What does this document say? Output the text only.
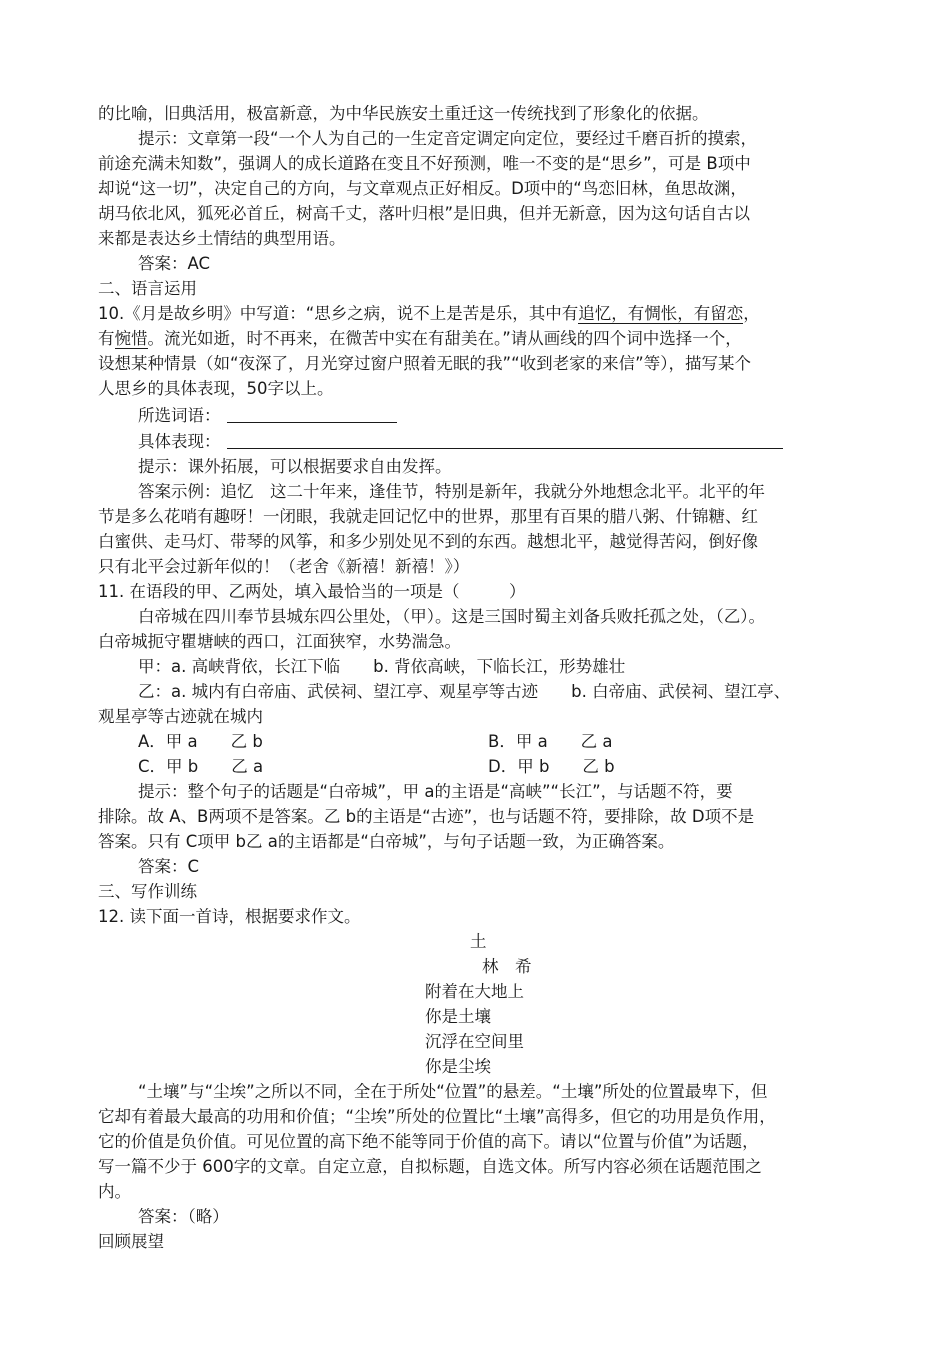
的比喻，旧典活用，极富新意，为中华民族安土重迁这一传统找到了形象化的依据。
提示：文章第一段“一个人为自己的一生定音定调定向定位，要经过千磨百折的摸索，
前途充满未知数”，强调人的成长道路在变且不好预测，唯一不变的是“思乡”，可是 B项中
却说“这一切”，决定自己的方向，与文章观点正好相反。D项中的“鸟恋旧林，鱼思故渊，
胡马依北风，狐死必首丘，树高千丈，落叶归根”是旧典，但并无新意，因为这句话自古以
来都是表达乡土情结的典型用语。
答案：AC
二、语言运用
10.《月是故乡明》中写道：“思乡之病，说不上是苦是乐，其中有追忆，有惆怅，有留恋，
有惋惜。流光如逝，时不再来，在微苦中实在有甜美在。”请从画线的四个词中选择一个，
设想某种情景（如“夜深了，月光穿过窗户照着无眠的我”“收到老家的来信”等），描写某个
人思乡的具体表现，50字以上。
所选词语：
具体表现：
提示：课外拓展，可以根据要求自由发挥。
答案示例：追忆　这二十年来，逢佳节，特别是新年，我就分外地想念北平。北平的年
节是多么花哨有趣呀！一闭眼，我就走回记忆中的世界，那里有百果的腊八粥、什锦糖、红
白蜜供、走马灯、带琴的风筝，和多少别处见不到的东西。越想北平，越觉得苦闷，倒好像
只有北平会过新年似的！（老舍《新禧！新禧！》）
11. 在语段的甲、乙两处，填入最恰当的一项是（　　　）
白帝城在四川奉节县城东四公里处，（甲）。这是三国时蜀主刘备兵败托孤之处，（乙）。
白帝城扼守瞿塘峡的西口，江面狭窄，水势湍急。
甲：a. 高峡背依，长江下临　　b. 背依高峡，下临长江，形势雄壮
乙：a. 城内有白帝庙、武侯祠、望江亭、观星亭等古迹　　b. 白帝庙、武侯祠、望江亭、
观星亭等古迹就在城内
A．甲 a　　乙 b	B．甲 a　　乙 a
C．甲 b　　乙 a	D．甲 b　　乙 b
提示：整个句子的话题是“白帝城”，甲 a的主语是“高峡”“长江”，与话题不符，要
排除。故 A、B两项不是答案。乙 b的主语是“古迹”，也与话题不符，要排除，故 D项不是
答案。只有 C项甲 b乙 a的主语都是“白帝城”，与句子话题一致，为正确答案。
答案：C
三、写作训练
12. 读下面一首诗，根据要求作文。
土
林　希
附着在大地上
你是土壤
沉浮在空间里
你是尘埃
“土壤”与“尘埃”之所以不同，全在于所处“位置”的悬差。“土壤”所处的位置最卑下，但
它却有着最大最高的功用和价值；“尘埃”所处的位置比“土壤”高得多，但它的功用是负作用，
它的价值是负价值。可见位置的高下绝不能等同于价值的高下。请以“位置与价值”为话题，
写一篇不少于 600字的文章。自定立意，自拟标题，自选文体。所写内容必须在话题范围之
内。
答案：（略）
回顾展望
